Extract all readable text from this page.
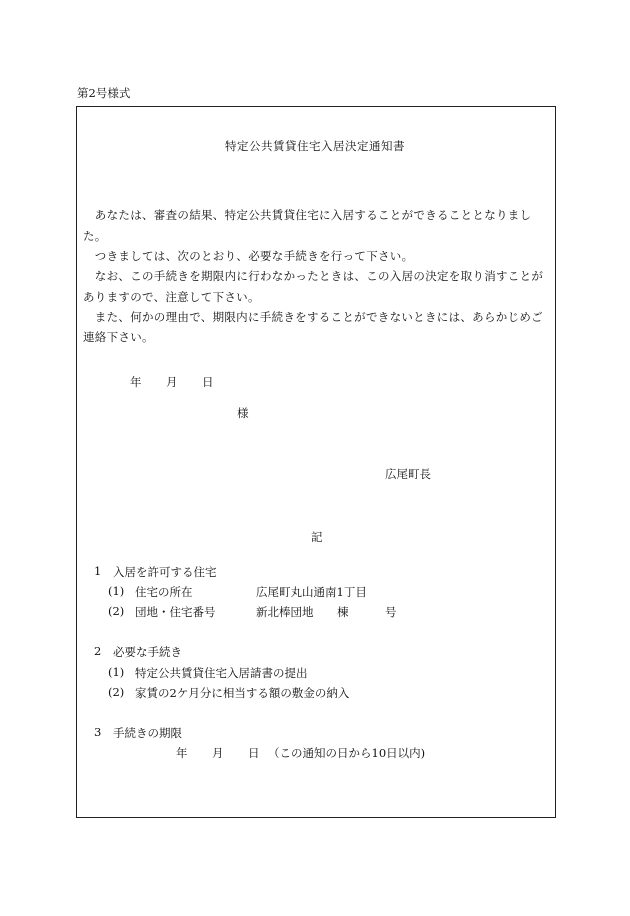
第2号様式
特定公共賃貸住宅入居決定通知書
　あなたは、審査の結果、特定公共賃貸住宅に入居することができることとなりまし
た。
　つきましては、次のとおり、必要な手続きを行って下さい。
　なお、この手続きを期限内に行わなかったときは、この入居の決定を取り消すことが
ありますので、注意して下さい。
　また、何かの理由で、期限内に手続きをすることができないときには、あらかじめご
連絡下さい。
年 月 日
様
広尾町長
記
1 入居を許可する住宅
(1) 住宅の所在	広尾町丸山通南1丁目
(2) 団地・住宅番号	新北棒団地 棟	号
2 必要な手続き
(1) 特定公共賃貸住宅入居請書の提出
(2) 家賃の2ケ月分に相当する額の敷金の納入
3 手続きの期限
年 月 日 （この通知の日から10日以内)
